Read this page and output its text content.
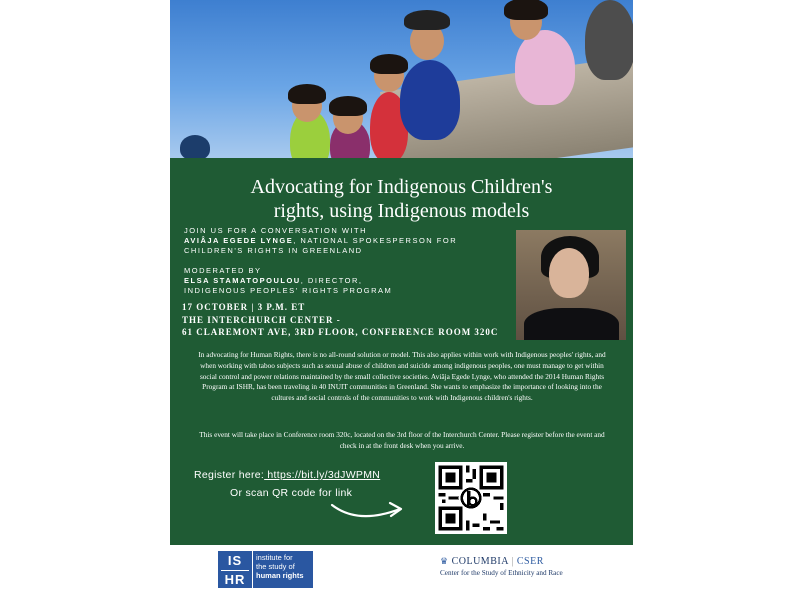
Advocating for Indigenous Children's
rights, using Indigenous models
JOIN US FOR A CONVERSATION WITH
AVIÂJA EGEDE LYNGE, NATIONAL SPOKESPERSON FOR CHILDREN'S RIGHTS IN GREENLAND
MODERATED BY
ELSA STAMATOPOULOU, DIRECTOR,
INDIGENOUS PEOPLES' RIGHTS PROGRAM
17 OCTOBER | 3 P.M. ET
THE INTERCHURCH CENTER -
61 CLAREMONT AVE, 3RD FLOOR, CONFERENCE ROOM 320C
In advocating for Human Rights, there is no all-round solution or model. This also applies within work with Indigenous peoples' rights, and when working with taboo subjects such as sexual abuse of children and suicide among indigenous peoples, one must manage to get within social control and power relations maintained by the small collective societies. Aviâja Egede Lynge, who attended the 2014 Human Rights Program at ISHR, has been traveling in 40 INUIT communities in Greenland. She wants to emphasize the importance of looking into the cultures and social controls of the communities to work with Indigenous children's rights.
This event will take place in Conference room 320c, located on the 3rd floor of the Interchurch Center. Please register before the event and check in at the front desk when you arrive.
Register here: https://bit.ly/3dJWPMN
Or scan QR code for link
IS
HR
institute for
the study of
human rights
♛ COLUMBIA | CSER
Center for the Study of Ethnicity and Race
